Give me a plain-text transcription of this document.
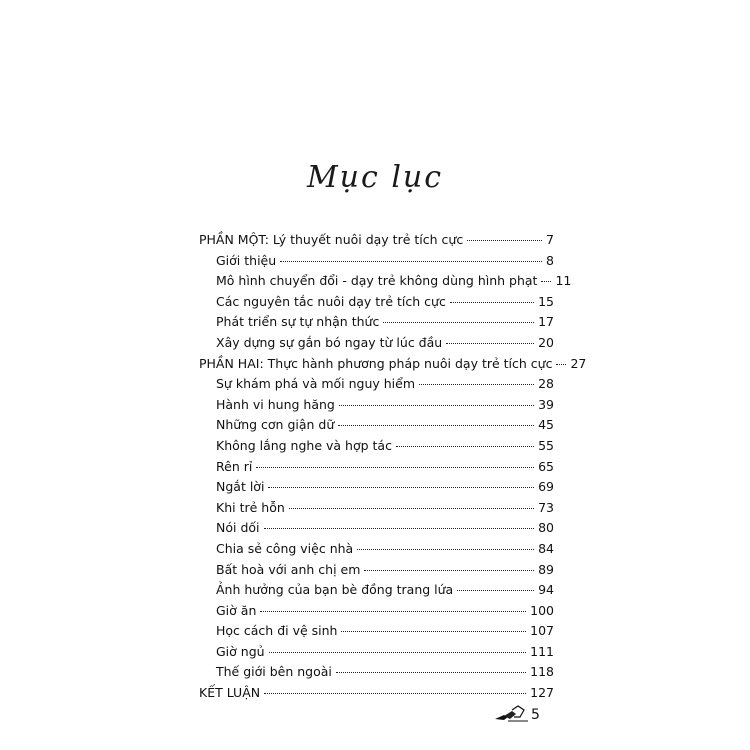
Mục lục
PHẦN MỘT: Lý thuyết nuôi dạy trẻ tích cực	7
Giới thiệu	8
Mô hình chuyển đổi - dạy trẻ không dùng hình phạt 11
Các nguyên tắc nuôi dạy trẻ tích cực	15
Phát triển sự tự nhận thức	17
Xây dựng sự gắn bó ngay từ lúc đầu	20
PHẦN HAI: Thực hành phương pháp nuôi dạy trẻ tích cực 27
Sự khám phá và mối nguy hiểm	28
Hành vi hung hăng	39
Những cơn giận dữ	45
Không lắng nghe và hợp tác	55
Rên rỉ	65
Ngắt lời	69
Khi trẻ hỗn	73
Nói dối	80
Chia sẻ công việc nhà	84
Bất hoà với anh chị em	89
Ảnh hưởng của bạn bè đồng trang lứa	94
Giờ ăn	100
Học cách đi vệ sinh	107
Giờ ngủ	111
Thế giới bên ngoài	118
KẾT LUẬN	127
5
